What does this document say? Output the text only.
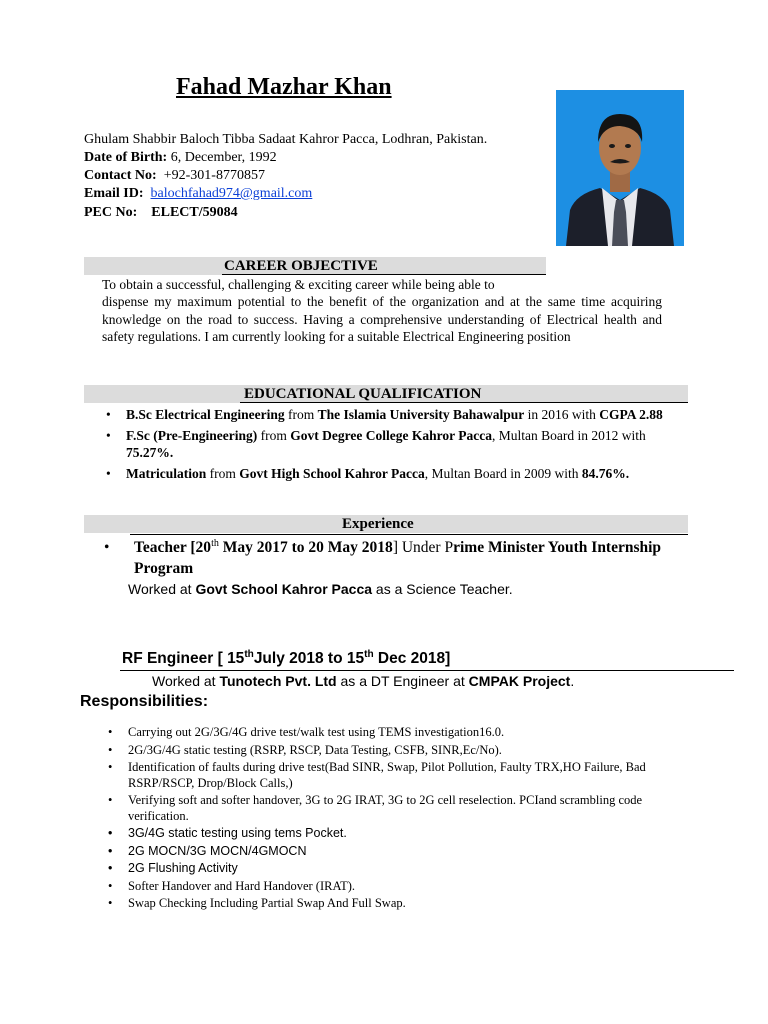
Fahad Mazhar Khan
Ghulam Shabbir Baloch Tibba Sadaat Kahror Pacca, Lodhran, Pakistan.
Date of Birth: 6, December, 1992
Contact No: +92-301-8770857
Email ID: balochfahad974@gmail.com
PEC No: ELECT/59084
CAREER OBJECTIVE
To obtain a successful, challenging & exciting career while being able to
dispense my maximum potential to the benefit of the organization and at the same time acquiring knowledge on the road to success. Having a comprehensive understanding of Electrical health and safety regulations. I am currently looking for a suitable Electrical Engineering position
EDUCATIONAL QUALIFICATION
• B.Sc Electrical Engineering from The Islamia University Bahawalpur in 2016 with CGPA 2.88
• F.Sc (Pre-Engineering) from Govt Degree College Kahror Pacca, Multan Board in 2012 with 75.27%.
• Matriculation from Govt High School Kahror Pacca, Multan Board in 2009 with 84.76%.
Experience
•	Teacher [20th May 2017 to 20 May 2018] Under Prime Minister Youth Internship Program
Worked at Govt School Kahror Pacca as a Science Teacher.
RF Engineer [ 15thJuly 2018 to 15th Dec 2018]
Worked at Tunotech Pvt. Ltd as a DT Engineer at CMPAK Project.
Responsibilities:
• Carrying out 2G/3G/4G drive test/walk test using TEMS investigation16.0.
• 2G/3G/4G static testing (RSRP, RSCP, Data Testing, CSFB, SINR,Ec/No).
• Identification of faults during drive test(Bad SINR, Swap, Pilot Pollution, Faulty TRX,HO Failure, Bad RSRP/RSCP, Drop/Block Calls,)
• Verifying soft and softer handover, 3G to 2G IRAT, 3G to 2G cell reselection. PCIand scrambling code verification.
• 3G/4G static testing using tems Pocket.
• 2G MOCN/3G MOCN/4GMOCN
• 2G Flushing Activity
• Softer Handover and Hard Handover (IRAT).
• Swap Checking Including Partial Swap And Full Swap.
